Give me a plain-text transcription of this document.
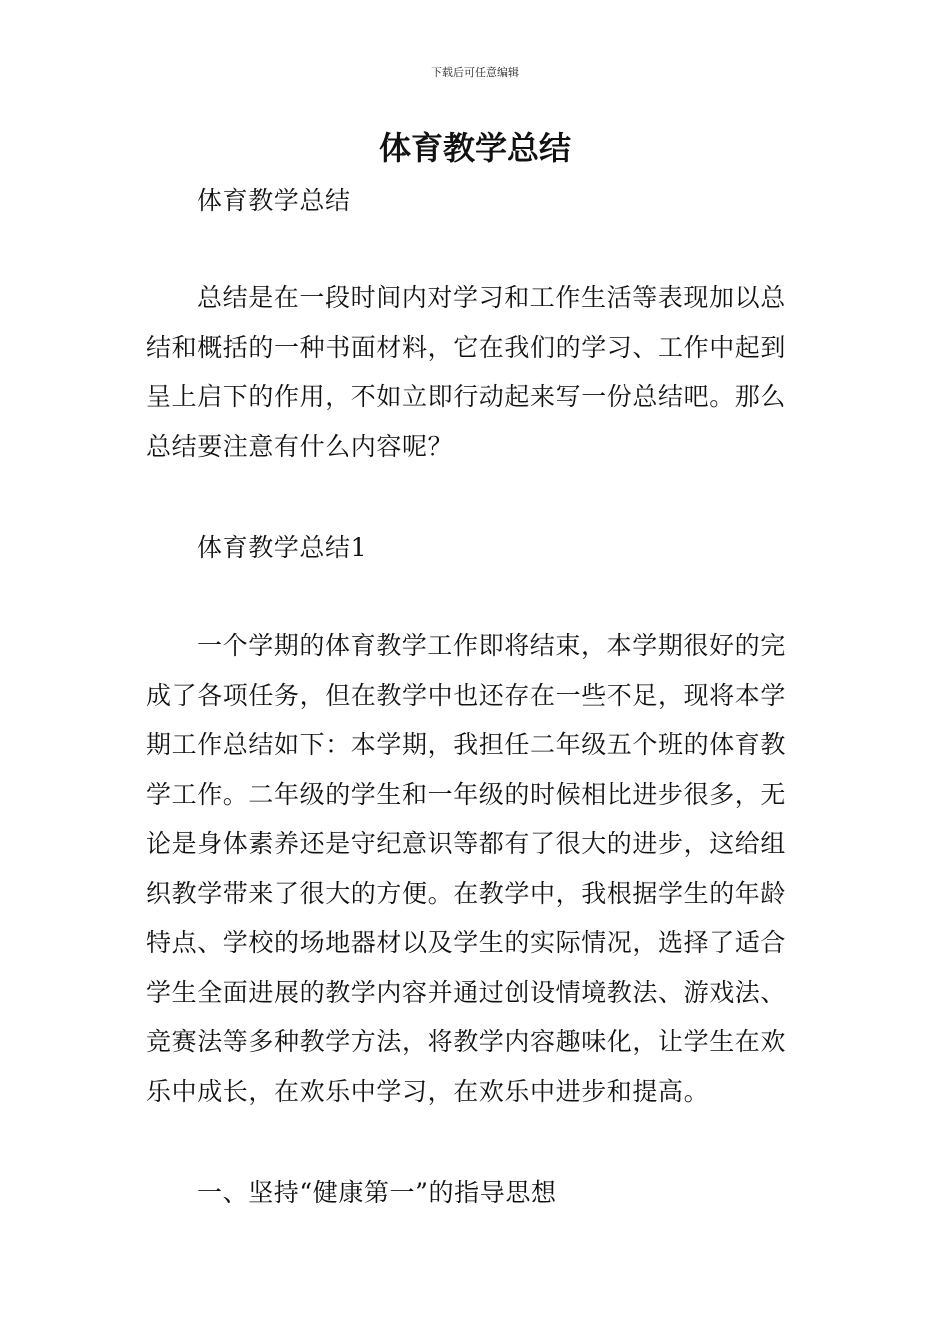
下载后可任意编辑
体育教学总结

体育教学总结

总结是在一段时间内对学习和工作生活等表现加以总结和概括的一种书面材料，它在我们的学习、工作中起到呈上启下的作用，不如立即行动起来写一份总结吧。那么总结要注意有什么内容呢？

体育教学总结1

一个学期的体育教学工作即将结束，本学期很好的完成了各项任务，但在教学中也还存在一些不足，现将本学期工作总结如下：本学期，我担任二年级五个班的体育教学工作。二年级的学生和一年级的时候相比进步很多，无论是身体素养还是守纪意识等都有了很大的进步，这给组织教学带来了很大的方便。在教学中，我根据学生的年龄特点、学校的场地器材以及学生的实际情况，选择了适合学生全面进展的教学内容并通过创设情境教法、游戏法、竞赛法等多种教学方法，将教学内容趣味化，让学生在欢乐中成长，在欢乐中学习，在欢乐中进步和提高。

一、坚持“健康第一”的指导思想
